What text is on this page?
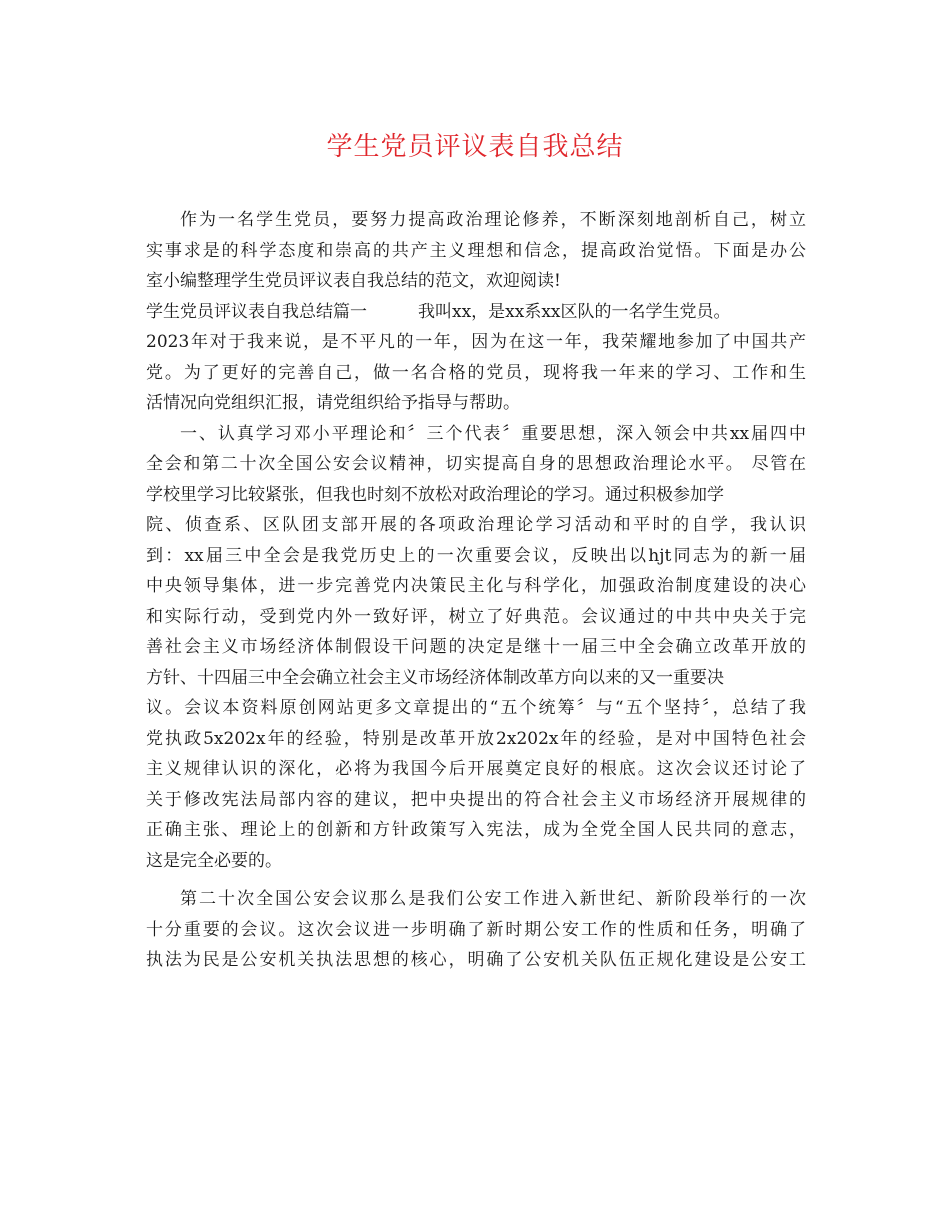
学生党员评议表自我总结
作为一名学生党员，要努力提高政治理论修养，不断深刻地剖析自己，树立
实事求是的科学态度和崇高的共产主义理想和信念，提高政治觉悟。下面是办公
室小编整理学生党员评议表自我总结的范文，欢迎阅读!
学生党员评议表自我总结篇一　　　我叫xx，是xx系xx区队的一名学生党员。
2023年对于我来说，是不平凡的一年，因为在这一年，我荣耀地参加了中国共产
党。为了更好的完善自己，做一名合格的党员，现将我一年来的学习、工作和生
活情况向党组织汇报，请党组织给予指导与帮助。
一、认真学习邓小平理论和〞三个代表〞重要思想，深入领会中共xx届四中
全会和第二十次全国公安会议精神，切实提高自身的思想政治理论水平。 尽管在
学校里学习比较紧张，但我也时刻不放松对政治理论的学习。通过积极参加学
院、侦查系、区队团支部开展的各项政治理论学习活动和平时的自学，我认识
到：xx届三中全会是我党历史上的一次重要会议，反映出以hjt同志为的新一届
中央领导集体，进一步完善党内决策民主化与科学化，加强政治制度建设的决心
和实际行动，受到党内外一致好评，树立了好典范。会议通过的中共中央关于完
善社会主义市场经济体制假设干问题的决定是继十一届三中全会确立改革开放的
方针、十四届三中全会确立社会主义市场经济体制改革方向以来的又一重要决
议。会议本资料原创网站更多文章提出的“五个统筹〞与“五个坚持〞，总结了我
党执政5x202x年的经验，特别是改革开放2x202x年的经验，是对中国特色社会
主义规律认识的深化，必将为我国今后开展奠定良好的根底。这次会议还讨论了
关于修改宪法局部内容的建议，把中央提出的符合社会主义市场经济开展规律的
正确主张、理论上的创新和方针政策写入宪法，成为全党全国人民共同的意志，
这是完全必要的。
第二十次全国公安会议那么是我们公安工作进入新世纪、新阶段举行的一次
十分重要的会议。这次会议进一步明确了新时期公安工作的性质和任务，明确了
执法为民是公安机关执法思想的核心，明确了公安机关队伍正规化建设是公安工
